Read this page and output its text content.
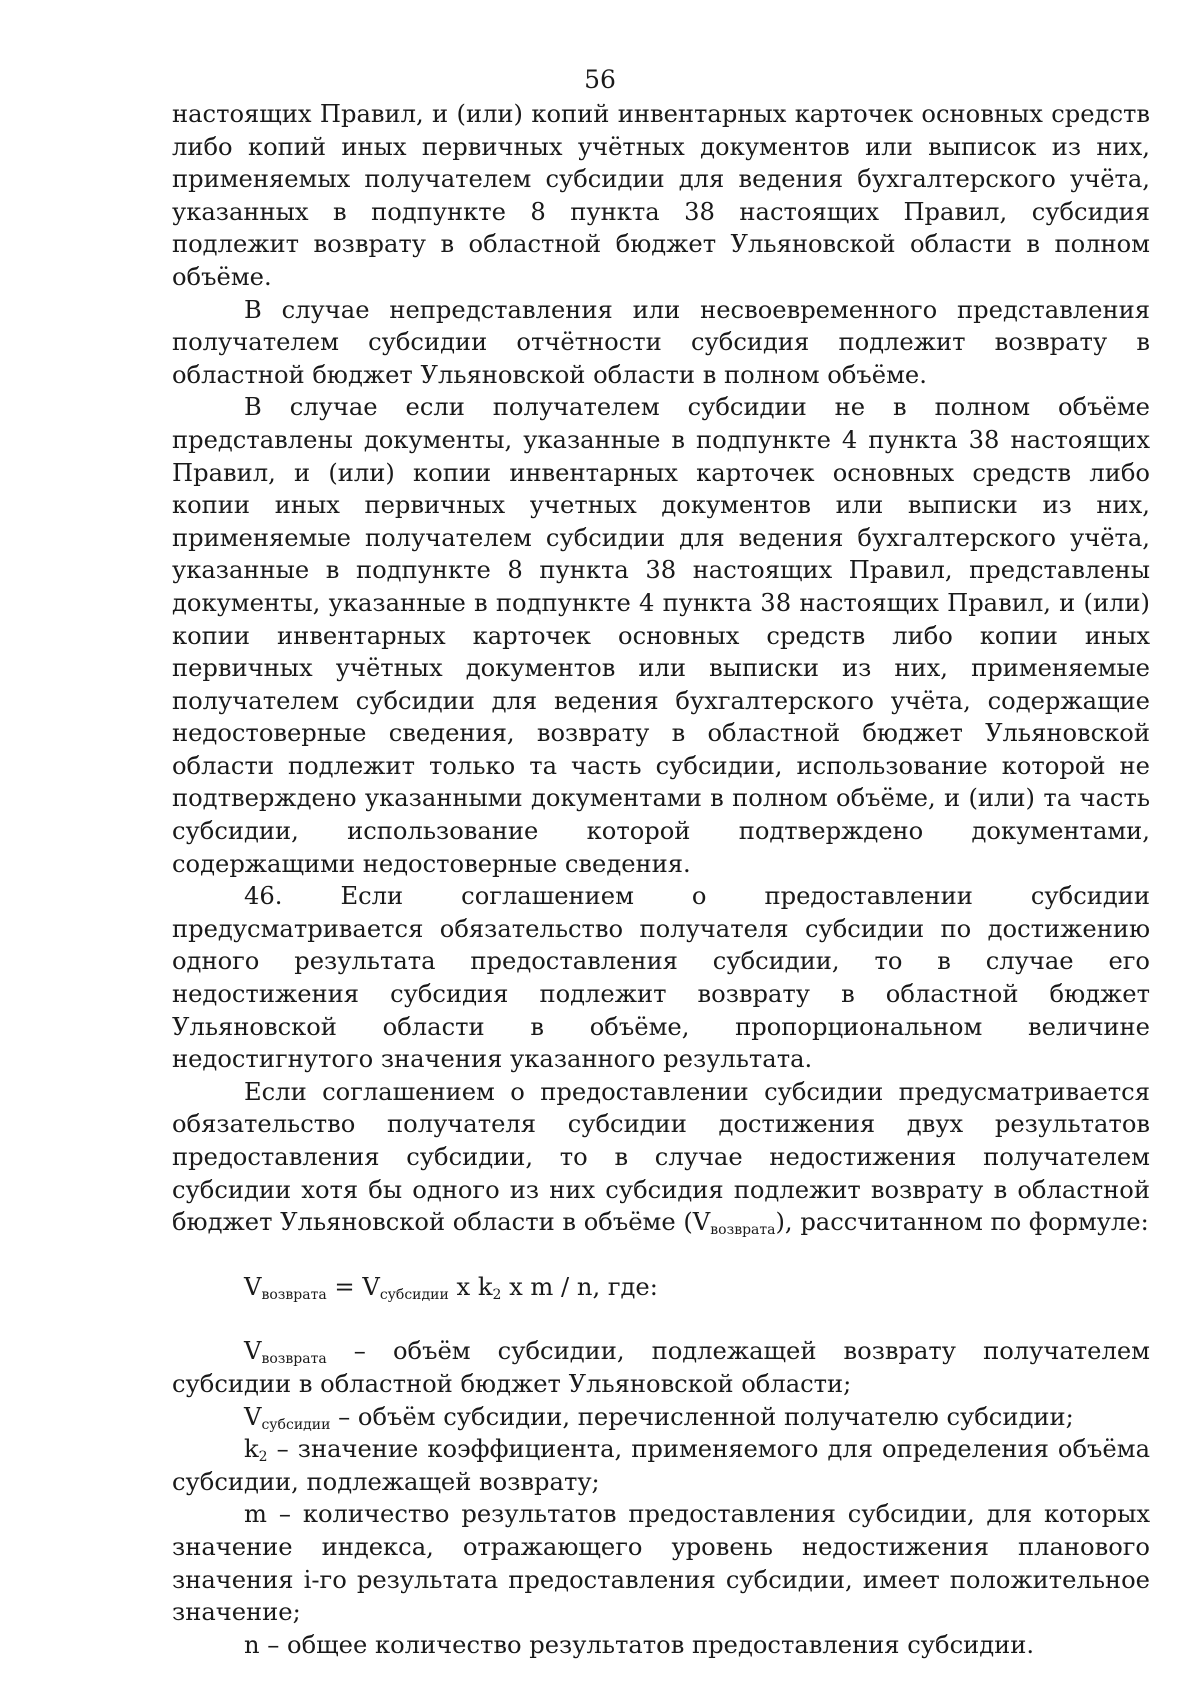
56

настоящих Правил, и (или) копий инвентарных карточек основных средств либо копий иных первичных учётных документов или выписок из них, применяемых получателем субсидии для ведения бухгалтерского учёта, указанных в подпункте 8 пункта 38 настоящих Правил, субсидия подлежит возврату в областной бюджет Ульяновской области в полном объёме.

В случае непредставления или несвоевременного представления получателем субсидии отчётности субсидия подлежит возврату в областной бюджет Ульяновской области в полном объёме.

В случае если получателем субсидии не в полном объёме представлены документы, указанные в подпункте 4 пункта 38 настоящих Правил, и (или) копии инвентарных карточек основных средств либо копии иных первичных учетных документов или выписки из них, применяемые получателем субсидии для ведения бухгалтерского учёта, указанные в подпункте 8 пункта 38 настоящих Правил, представлены документы, указанные в подпункте 4 пункта 38 настоящих Правил, и (или) копии инвентарных карточек основных средств либо копии иных первичных учётных документов или выписки из них, применяемые получателем субсидии для ведения бухгалтерского учёта, содержащие недостоверные сведения, возврату в областной бюджет Ульяновской области подлежит только та часть субсидии, использование которой не подтверждено указанными документами в полном объёме, и (или) та часть субсидии, использование которой подтверждено документами, содержащими недостоверные сведения.

46. Если соглашением о предоставлении субсидии предусматривается обязательство получателя субсидии по достижению одного результата предоставления субсидии, то в случае его недостижения субсидия подлежит возврату в областной бюджет Ульяновской области в объёме, пропорциональном величине недостигнутого значения указанного результата.

Если соглашением о предоставлении субсидии предусматривается обязательство получателя субсидии достижения двух результатов предоставления субсидии, то в случае недостижения получателем субсидии хотя бы одного из них субсидия подлежит возврату в областной бюджет Ульяновской области в объёме $(V_{возврата})$, рассчитанном по формуле:

$V_{возврата} = V_{субсидии}$ x $k_2$ x m / n, где:

$V_{возврата}$ – объём субсидии, подлежащей возврату получателем субсидии в областной бюджет Ульяновской области;

$V_{субсидии}$ – объём субсидии, перечисленной получателю субсидии;

$k_2$ – значение коэффициента, применяемого для определения объёма субсидии, подлежащей возврату;

m – количество результатов предоставления субсидии, для которых значение индекса, отражающего уровень недостижения планового значения i-го результата предоставления субсидии, имеет положительное значение;

n – общее количество результатов предоставления субсидии.
